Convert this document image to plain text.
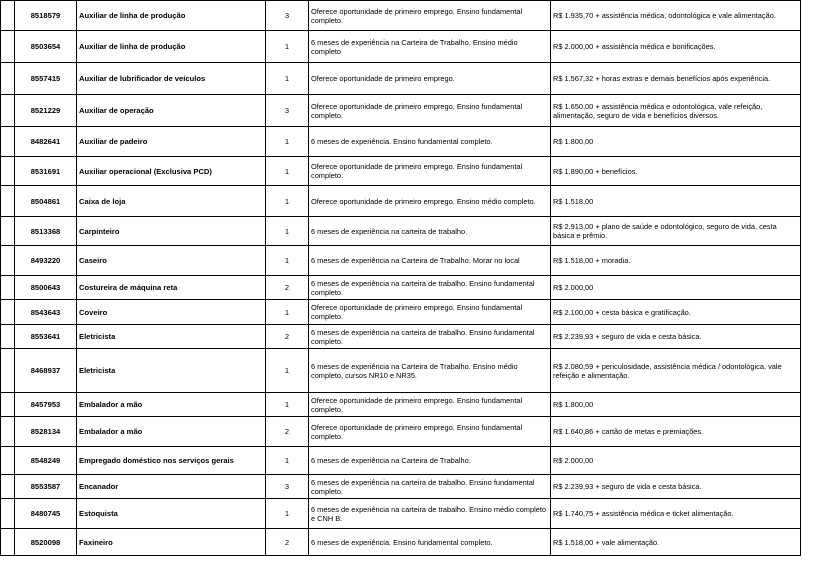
	8518579	Auxiliar de linha de produção	3	Oferece oportunidade de primeiro emprego. Ensino fundamental completo.	R$ 1.935,70 + assistência médica, odontológica e vale alimentação.
	8503654	Auxiliar de linha de produção	1	6 meses de experiência na Carteira de Trabalho. Ensino médio completo	R$ 2.000,00 + assistência médica e bonificações.
	8557415	Auxiliar de lubrificador de veículos	1	Oferece oportunidade de primeiro emprego.	R$ 1.567,32 + horas extras e demais benefícios após experiência.
	8521229	Auxiliar de operação	3	Oferece oportunidade de primeiro emprego. Ensino fundamental completo.	R$ 1.650,00 + assistência médica e odontológica, vale refeição, alimentação, seguro de vida e benefícios diversos.
	8482641	Auxiliar de padeiro	1	6 meses de experiência. Ensino fundamental completo.	R$ 1.800,00
	8531691	Auxiliar operacional (Exclusiva PCD)	1	Oferece oportunidade de primeiro emprego. Ensino fundamental completo.	R$ 1.890,00 + benefícios.
	8504861	Caixa de loja	1	Oferece oportunidade de primeiro emprego. Ensino médio completo.	R$ 1.518,00
	8513368	Carpinteiro	1	6 meses de experiência na carteira de trabalho.	R$ 2.913,00 + plano de saúde e odontológico, seguro de vida, cesta básica e prêmio.
	8493220	Caseiro	1	6 meses de experiência na Carteira de Trabalho. Morar no local	R$ 1.518,00 + moradia.
	8500643	Costureira de máquina reta	2	6 meses de experiência na carteira de trabalho. Ensino fundamental completo.	R$ 2.000,00
	8543643	Coveiro	1	Oferece oportunidade de primeiro emprego. Ensino fundamental completo.	R$ 2.100,00 + cesta básica e gratificação.
	8553641	Eletricista	2	6 meses de experiência na carteira de trabalho. Ensino fundamental completo.	R$ 2.239,93 + seguro de vida e cesta básica.
	8468937	Eletricista	1	6 meses de experiência na Carteira de Trabalho. Ensino médio completo, cursos NR10 e NR35.	R$ 2.080,59 + periculosidade, assistência médica / odontológica, vale refeição e alimentação.
	8457953	Embalador a mão	1	Oferece oportunidade de primeiro emprego. Ensino fundamental completo.	R$ 1.800,00
	8528134	Embalador a mão	2	Oferece oportunidade de primeiro emprego. Ensino fundamental completo.	R$ 1.640,86 + cartão de metas e premiações.
	8548249	Empregado doméstico nos serviços gerais	1	6 meses de experiência na Carteira de Trabalho.	R$ 2.000,00
	8553587	Encanador	3	6 meses de experiência na carteira de trabalho. Ensino fundamental completo.	R$ 2.239,93 + seguro de vida e cesta básica.
	8480745	Estoquista	1	6 meses de experiência na carteira de trabalho. Ensino médio completo e CNH B.	R$ 1.740,75 + assistência médica e ticket alimentação.
	8520098	Faxineiro	2	6 meses de experiência. Ensino fundamental completo.	R$ 1.518,00 + vale alimentação.
